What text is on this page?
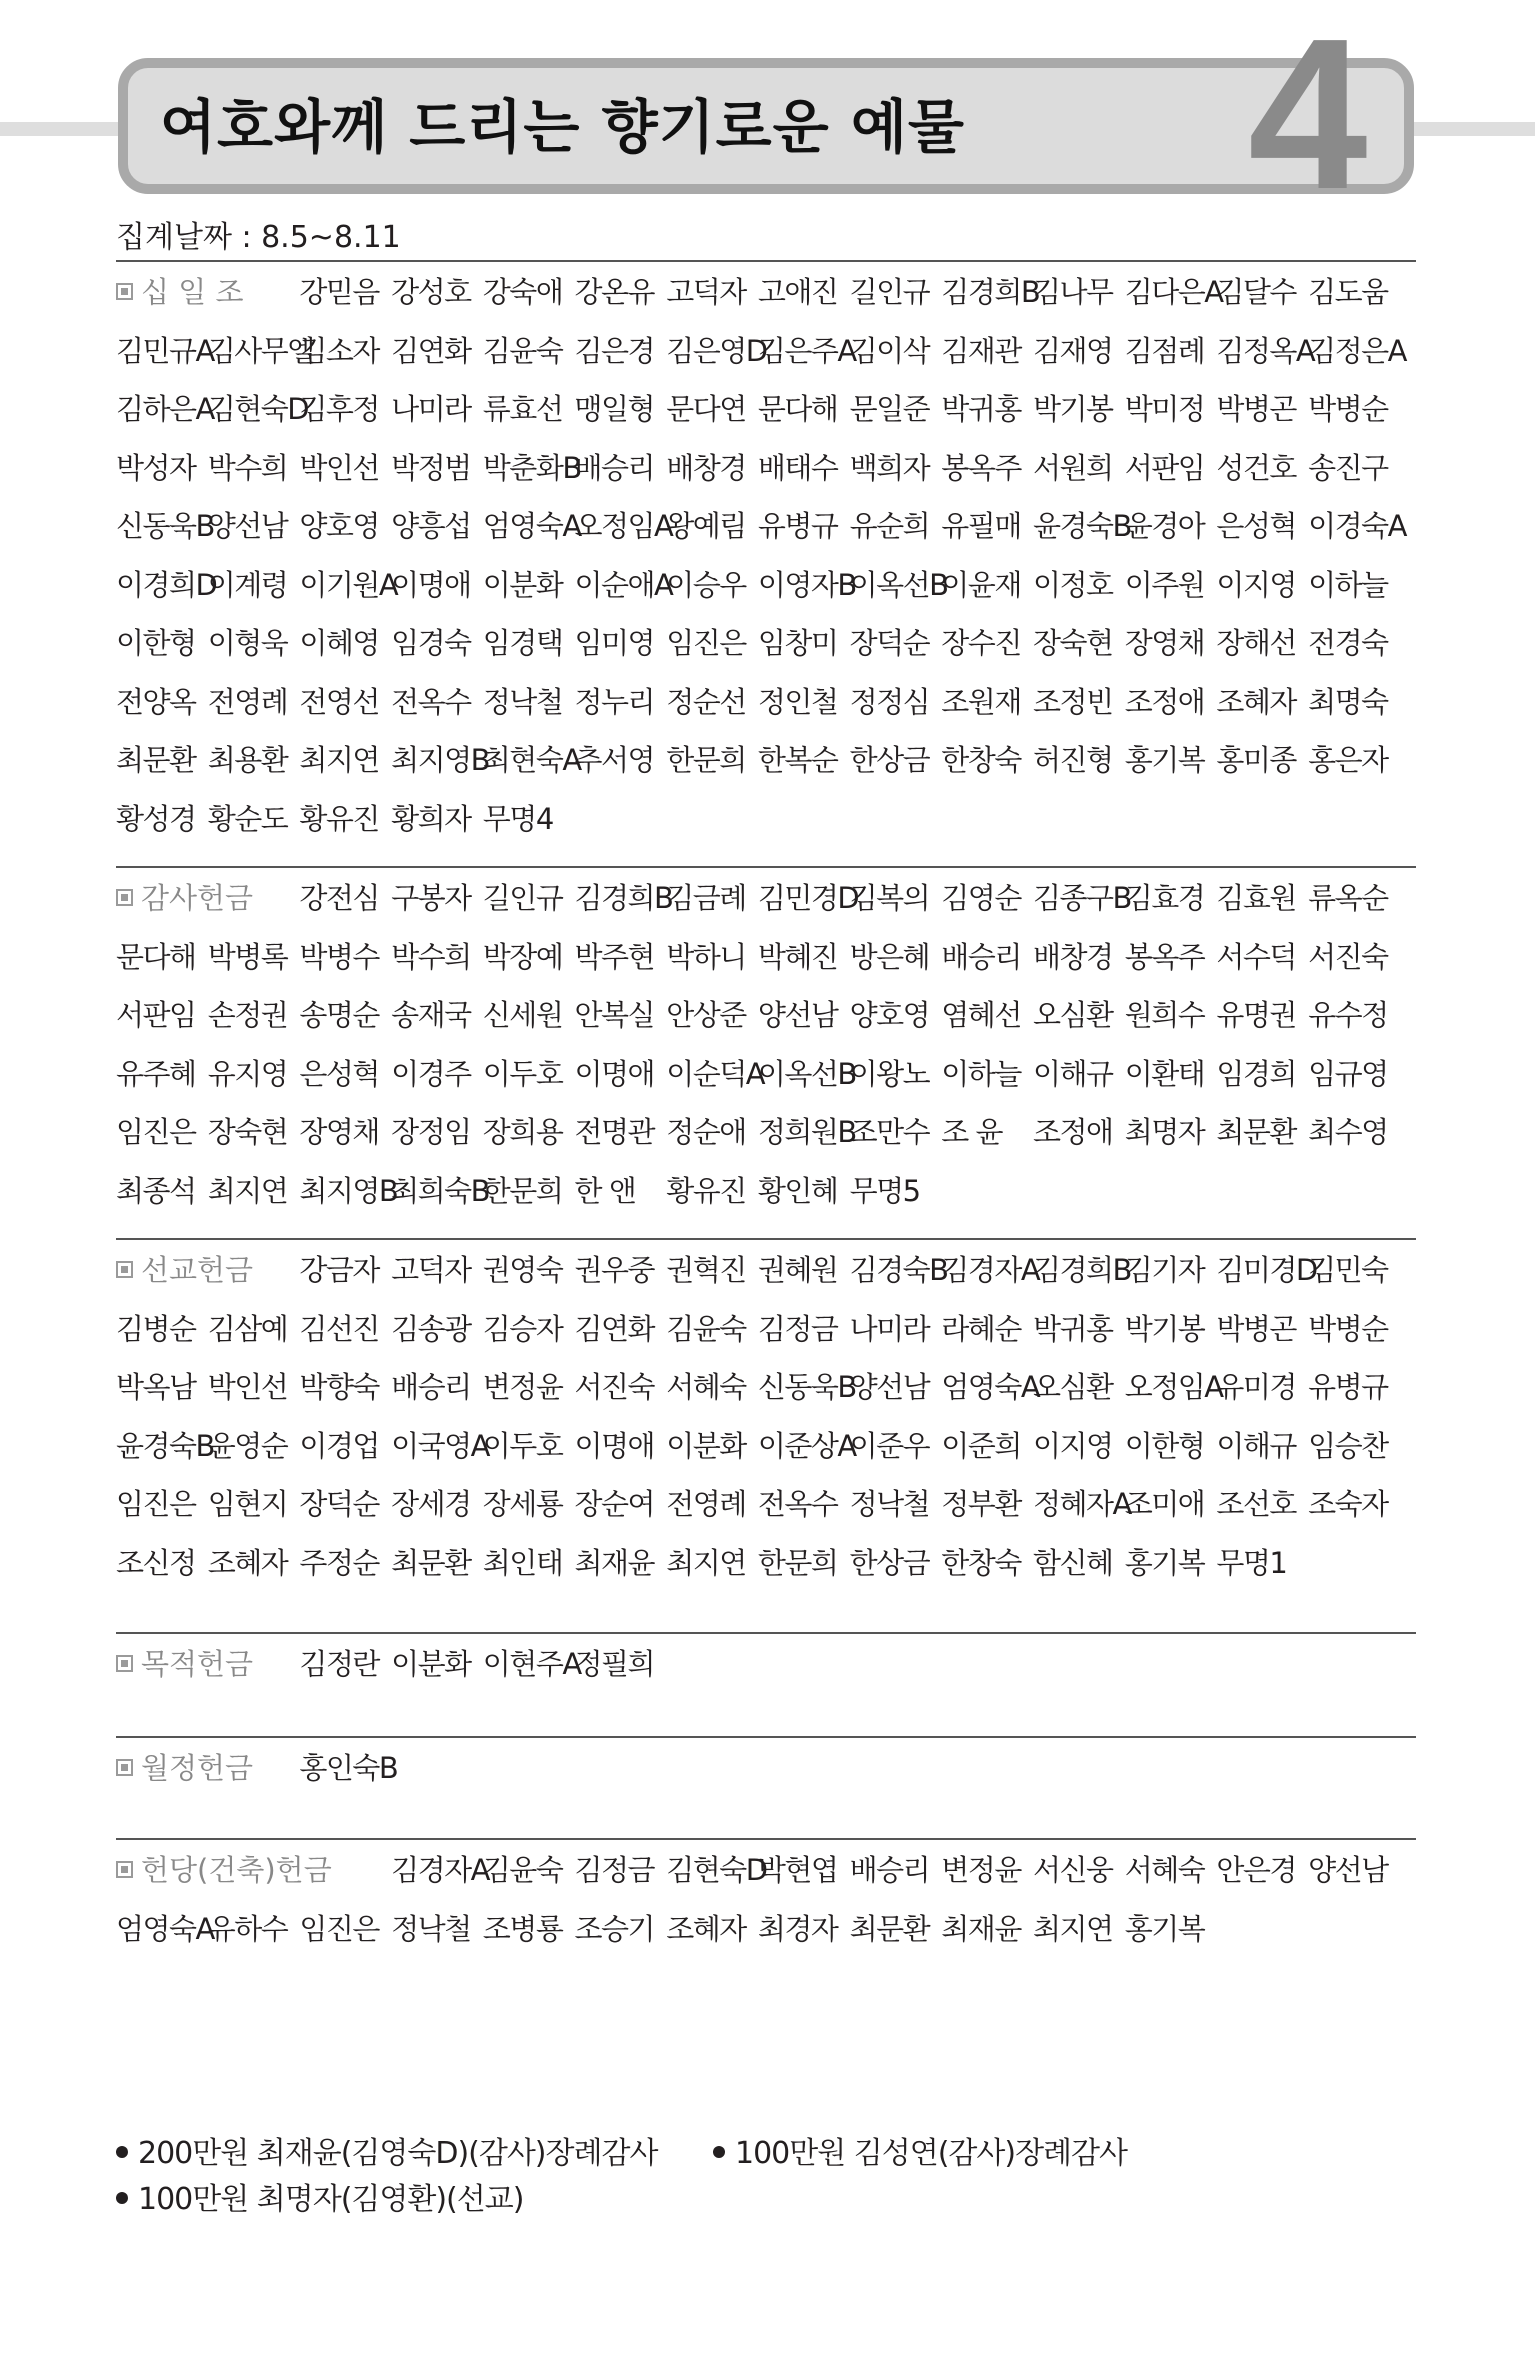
여호와께 드리는 향기로운 예물 4
집계날짜 : 8.5~8.11
십 일 조 강믿음 강성호 강숙애 강온유 고덕자 고애진 길인규 김경희B
김나무 김다은A
김달수 김도움
김민규A
김사무엘
김소자 김연화 김윤숙 김은경 김은영D
김은주A
김이삭 김재관 김재영 김점례 김정옥A
김정은A
김하은A
김현숙D
김후정 나미라 류효선 맹일형 문다연 문다해 문일준 박귀홍 박기봉 박미정 박병곤 박병순
박성자 박수희 박인선 박정범 박춘화B
배승리 배창경 배태수 백희자 봉옥주 서원희 서판임 성건호 송진구
신동욱B
양선남 양호영 양흥섭 엄영숙A
오정임A
왕예림 유병규 유순희 유필매 윤경숙B
윤경아 은성혁 이경숙A
이경희D
이계령 이기원A
이명애 이분화 이순애A
이승우 이영자B
이옥선B
이윤재 이정호 이주원 이지영 이하늘
이한형 이형욱 이혜영 임경숙 임경택 임미영 임진은 임창미 장덕순 장수진 장숙현 장영채 장해선 전경숙
전양옥 전영례 전영선 전옥수 정낙철 정누리 정순선 정인철 정정심 조원재 조정빈 조정애 조혜자 최명숙
최문환 최용환 최지연 최지영B
최현숙A
추서영 한문희 한복순 한상금 한창숙 허진형 홍기복 홍미종 홍은자
황성경 황순도 황유진 황희자 무명4
감사헌금 강전심 구봉자 길인규 김경희B
김금례 김민경D
김복의 김영순 김종구B
김효경 김효원 류옥순
문다해 박병록 박병수 박수희 박장예 박주현 박하니 박혜진 방은혜 배승리 배창경 봉옥주 서수덕 서진숙
서판임 손정권 송명순 송재국 신세원 안복실 안상준 양선남 양호영 염혜선 오심환 원희수 유명권 유수정
유주혜 유지영 은성혁 이경주 이두호 이명애 이순덕A
이옥선B
이왕노 이하늘 이해규 이환태 임경희 임규영
임진은 장숙현 장영채 장정임 장희용 전명관 정순애 정희원B
조만수 조 윤 조정애 최명자 최문환 최수영
최종석 최지연 최지영B
최희숙B
한문희 한 앤 황유진 황인혜 무명5
선교헌금 강금자 고덕자 권영숙 권우중 권혁진 권혜원 김경숙B
김경자A
김경희B
김기자 김미경D
김민숙
김병순 김삼예 김선진 김송광 김승자 김연화 김윤숙 김정금 나미라 라혜순 박귀홍 박기봉 박병곤 박병순
박옥남 박인선 박향숙 배승리 변정윤 서진숙 서혜숙 신동욱B
양선남 엄영숙A
오심환 오정임A
유미경 유병규
윤경숙B
윤영순 이경업 이국영A
이두호 이명애 이분화 이준상A
이준우 이준희 이지영 이한형 이해규 임승찬
임진은 임현지 장덕순 장세경 장세룡 장순여 전영례 전옥수 정낙철 정부환 정혜자A
조미애 조선호 조숙자
조신정 조혜자 주정순 최문환 최인태 최재윤 최지연 한문희 한상금 한창숙 함신혜 홍기복 무명1
목적헌금 김정란 이분화 이현주A
정필희
월정헌금 홍인숙B
헌당(건축)헌금 김경자A
김윤숙 김정금 김현숙D
박현엽 배승리 변정윤 서신웅 서혜숙 안은경 양선남
엄영숙A
유하수 임진은 정낙철 조병룡 조승기 조혜자 최경자 최문환 최재윤 최지연 홍기복
200만원 최재윤(김영숙D)(감사)장례감사	100만원 김성연(감사)장례감사
100만원 최명자(김영환)(선교)
